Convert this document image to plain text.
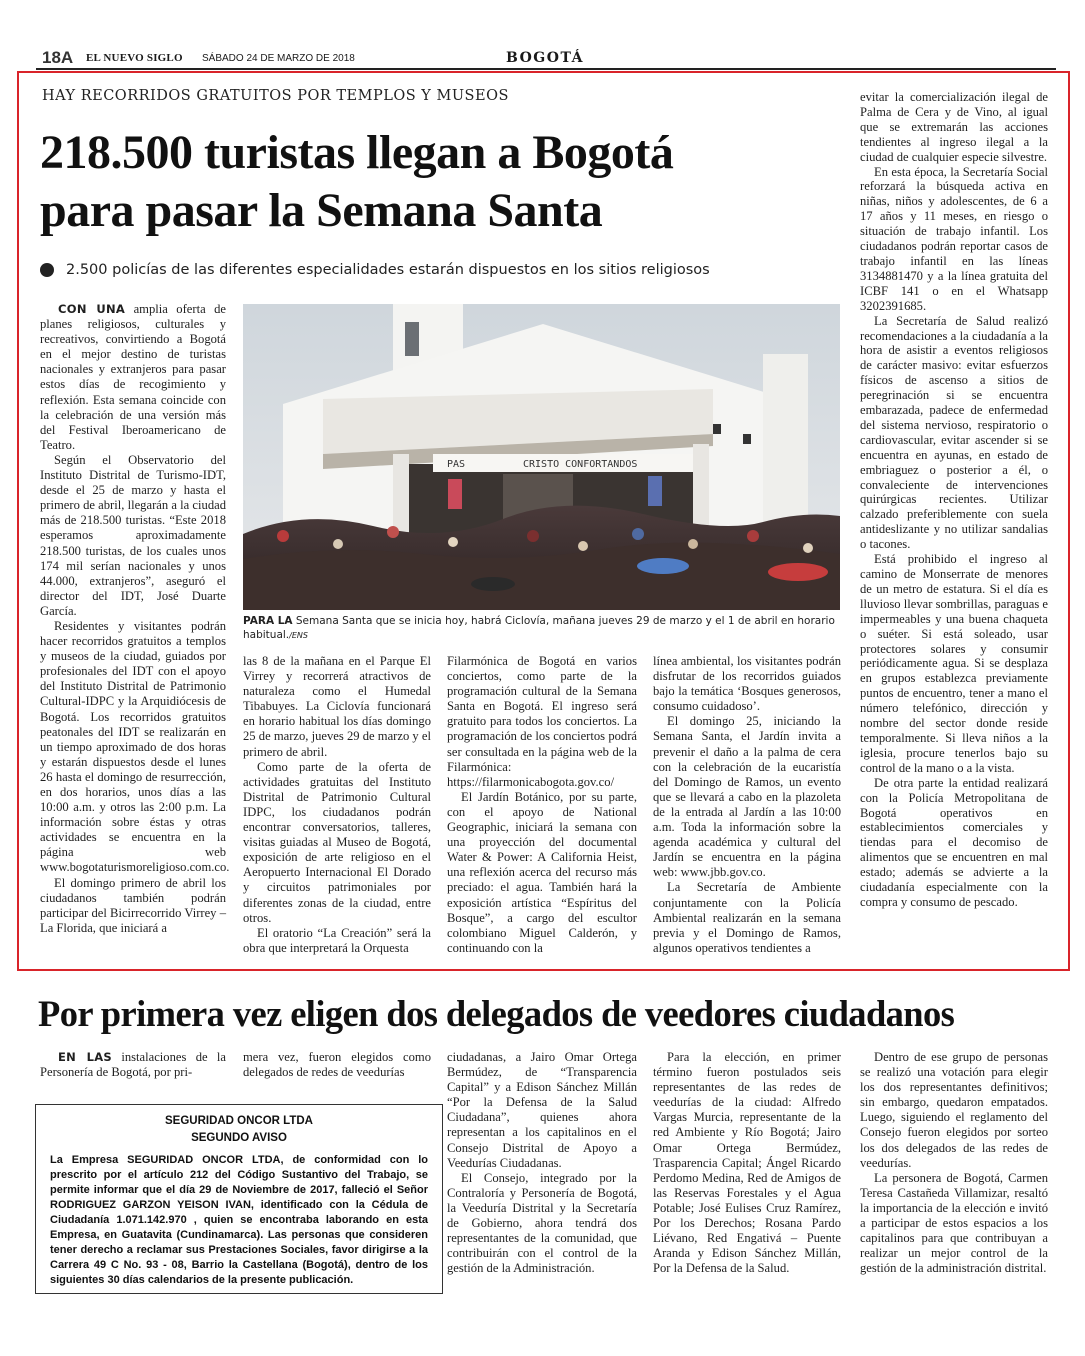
18A EL NUEVO SIGLO SÁBADO 24 DE MARZO DE 2018	BOGOTÁ
HAY RECORRIDOS GRATUITOS POR TEMPLOS Y MUSEOS
218.500 turistas llegan a Bogotá
para pasar la Semana Santa
2.500 policías de las diferentes especialidades estarán dispuestos en los sitios religiosos

CON UNA amplia oferta de planes religiosos, culturales y recreativos, convirtiendo a Bogotá en el mejor destino de turistas nacionales y extranjeros para pasar estos días de recogimiento y reflexión. Esta semana coincide con la celebración de una versión más del Festival Iberoamericano de Teatro.

Según el Observatorio del Instituto Distrital de Turismo-IDT, desde el 25 de marzo y hasta el primero de abril, llegarán a la ciudad más de 218.500 turistas. “Este 2018 esperamos aproximadamente 218.500 turistas, de los cuales unos 174 mil serían nacionales y unos 44.000, extranjeros”, aseguró el director del IDT, José Duarte García.

Residentes y visitantes podrán hacer recorridos gratuitos a templos y museos de la ciudad, guiados por profesionales del IDT con el apoyo del Instituto Distrital de Patrimonio Cultural-IDPC y la Arquidiócesis de Bogotá. Los recorridos gratuitos peatonales del IDT se realizarán en un tiempo aproximado de dos horas y estarán dispuestos desde el lunes 26 hasta el domingo de resurrección, en dos horarios, unos días a las 10:00 a.m. y otros las 2:00 p.m. La información sobre éstas y otras actividades se encuentra en la página web www.bogotaturismoreligioso.com.co.

El domingo primero de abril los ciudadanos también podrán participar del Bicirrecorrido Virrey – La Florida, que iniciará a

PAS	CRISTO CONFORTANDOS
PARA LA Semana Santa que se inicia hoy, habrá Ciclovía, mañana jueves 29 de marzo y el 1 de abril en horario habitual./ENS

las 8 de la mañana en el Parque El Virrey y recorrerá atractivos de naturaleza como el Humedal Tibabuyes. La Ciclovía funcionará en horario habitual los días domingo 25 de marzo, jueves 29 de marzo y el primero de abril.

Como parte de la oferta de actividades gratuitas del Instituto Distrital de Patrimonio Cultural IDPC, los ciudadanos podrán encontrar conversatorios, talleres, visitas guiadas al Museo de Bogotá, exposición de arte religioso en el Aeropuerto Internacional El Dorado y circuitos patrimoniales por diferentes zonas de la ciudad, entre otros.

El oratorio “La Creación” será la obra que interpretará la Orquesta

Filarmónica de Bogotá en varios conciertos, como parte de la programación cultural de la Semana Santa en Bogotá. El ingreso será gratuito para todos los conciertos. La programación de los conciertos podrá ser consultada en la página web de la Filarmónica: https://filarmonicabogota.gov.co/

El Jardín Botánico, por su parte, con el apoyo de National Geographic, iniciará la semana con una proyección del documental Water & Power: A California Heist, una reflexión acerca del recurso más preciado: el agua. También hará la exposición artística “Espíritus del Bosque”, a cargo del escultor colombiano Miguel Calderón, y continuando con la

línea ambiental, los visitantes podrán disfrutar de los recorridos guiados bajo la temática ‘Bosques generosos, consumo cuidadoso’.

El domingo 25, iniciando la Semana Santa, el Jardín invita a prevenir el daño a la palma de cera con la celebración de la eucaristía del Domingo de Ramos, un evento que se llevará a cabo en la plazoleta de la entrada al Jardín a las 10:00 a.m. Toda la información sobre la agenda académica y cultural del Jardín se encuentra en la página web: www.jbb.gov.co.

La Secretaría de Ambiente conjuntamente con la Policía Ambiental realizarán en la semana previa y el Domingo de Ramos, algunos operativos tendientes a

evitar la comercialización ilegal de Palma de Cera y de Vino, al igual que se extremarán las acciones tendientes al ingreso ilegal a la ciudad de cualquier especie silvestre.

En esta época, la Secretaría Social reforzará la búsqueda activa en niñas, niños y adolescentes, de 6 a 17 años y 11 meses, en riesgo o situación de trabajo infantil. Los ciudadanos podrán reportar casos de trabajo infantil en las líneas 3134881470 y a la línea gratuita del ICBF 141 o en el Whatsapp 3202391685.

La Secretaría de Salud realizó recomendaciones a la ciudadanía a la hora de asistir a eventos religiosos de carácter masivo: evitar esfuerzos físicos de ascenso a sitios de peregrinación si se encuentra embarazada, padece de enfermedad del sistema nervioso, respiratorio o cardiovascular, evitar ascender si se encuentra en ayunas, en estado de embriaguez o posterior a él, o convaleciente de intervenciones quirúrgicas recientes. Utilizar calzado preferiblemente con suela antideslizante y no utilizar sandalias o tacones.

Está prohibido el ingreso al camino de Monserrate de menores de un metro de estatura. Si el día es lluvioso llevar sombrillas, paraguas e impermeables y una buena chaqueta o suéter. Si está soleado, usar protectores solares y consumir periódicamente agua. Si se desplaza en grupos establezca previamente puntos de encuentro, tener a mano el número telefónico, dirección y nombre del sector donde reside temporalmente. Si lleva niños a la iglesia, procure tenerlos bajo su control de la mano o a la vista.

De otra parte la entidad realizará con la Policía Metropolitana de Bogotá operativos en establecimientos comerciales y tiendas para el decomiso de alimentos que se encuentren en mal estado; además se advierte a la ciudadanía especialmente con la compra y consumo de pescado.

Por primera vez eligen dos delegados de veedores ciudadanos

EN LAS instalaciones de la Personería de Bogotá, por pri-

mera vez, fueron elegidos como delegados de redes de veedurías

ciudadanas, a Jairo Omar Ortega Bermúdez, de “Transparencia Capital” y a Edison Sánchez Millán “Por la Defensa de la Salud Ciudadana”, quienes ahora representan a los capitalinos en el Consejo Distrital de Apoyo a Veedurías Ciudadanas.

El Consejo, integrado por la Contraloría y Personería de Bogotá, la Veeduría Distrital y la Secretaría de Gobierno, ahora tendrá dos representantes de la comunidad, que contribuirán con el control de la gestión de la Administración.

Para la elección, en primer término fueron postulados seis representantes de las redes de veedurías de la ciudad: Alfredo Vargas Murcia, representante de la red Ambiente y Río Bogotá; Jairo Omar Ortega Bermúdez, Trasparencia Capital; Ángel Ricardo Perdomo Medina, Red de Amigos de las Reservas Forestales y el Agua Potable; José Eulises Cruz Ramírez, Por los Derechos; Rosana Pardo Liévano, Red Engativá – Puente Aranda y Edison Sánchez Millán, Por la Defensa de la Salud.

Dentro de ese grupo de personas se realizó una votación para elegir los dos representantes definitivos; sin embargo, quedaron empatados. Luego, siguiendo el reglamento del Consejo fueron elegidos por sorteo los dos delegados de las redes de veedurías.

La personera de Bogotá, Carmen Teresa Castañeda Villamizar, resaltó la importancia de la elección e invitó a participar de estos espacios a los capitalinos para que contribuyan a realizar un mejor control de la gestión de la administración distrital.

SEGURIDAD ONCOR LTDA
SEGUNDO AVISO
La Empresa SEGURIDAD ONCOR LTDA, de conformidad con lo prescrito por el artículo 212 del Código Sustantivo del Trabajo, se permite informar que el día 29 de Noviembre de 2017, falleció el Señor RODRIGUEZ GARZON YEISON IVAN, identificado con la Cédula de Ciudadanía 1.071.142.970 , quien se encontraba laborando en esta Empresa, en Guatavita (Cundinamarca). Las personas que consideren tener derecho a reclamar sus Prestaciones Sociales, favor dirigirse a la Carrera 49 C No. 93 - 08, Barrio la Castellana (Bogotá), dentro de los siguientes 30 días calendarios de la presente publicación.
